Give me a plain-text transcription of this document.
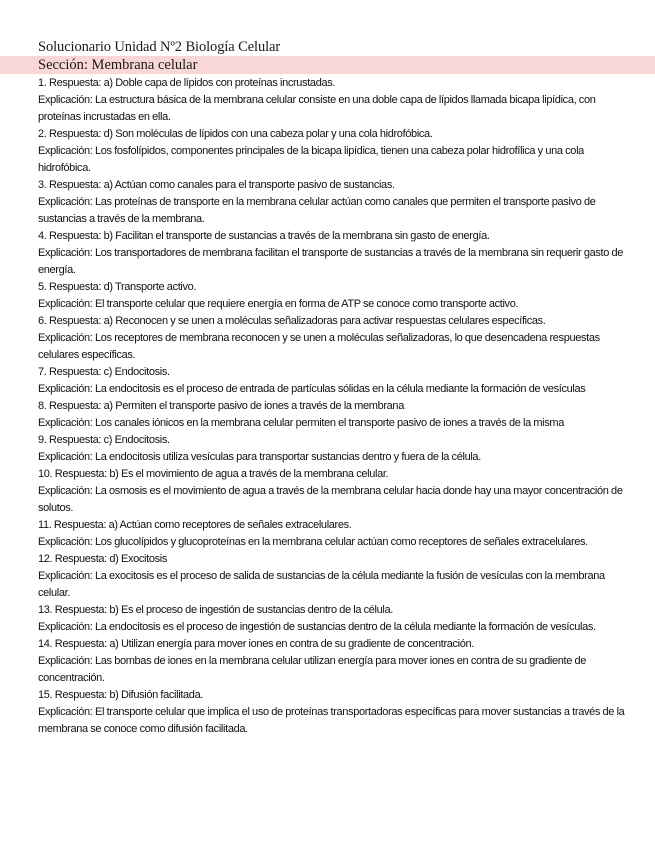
Solucionario Unidad Nº2 Biología Celular
Sección: Membrana celular
1. Respuesta: a) Doble capa de lípidos con proteínas incrustadas.
Explicación: La estructura básica de la membrana celular consiste en una doble capa de lípidos llamada bicapa lipídica, con proteínas incrustadas en ella.
2. Respuesta: d) Son moléculas de lípidos con una cabeza polar y una cola hidrofóbica.
Explicación: Los fosfolípidos, componentes principales de la bicapa lipídica, tienen una cabeza polar hidrofílica y una cola hidrofóbica.
3. Respuesta: a) Actúan como canales para el transporte pasivo de sustancias.
Explicación: Las proteínas de transporte en la membrana celular actúan como canales que permiten el transporte pasivo de sustancias a través de la membrana.
4. Respuesta: b) Facilitan el transporte de sustancias a través de la membrana sin gasto de energía.
Explicación: Los transportadores de membrana facilitan el transporte de sustancias a través de la membrana sin requerir gasto de energía.
5. Respuesta: d) Transporte activo.
Explicación: El transporte celular que requiere energía en forma de ATP se conoce como transporte activo.
6. Respuesta: a) Reconocen y se unen a moléculas señalizadoras para activar respuestas celulares específicas.
Explicación: Los receptores de membrana reconocen y se unen a moléculas señalizadoras, lo que desencadena respuestas celulares específicas.
7. Respuesta: c) Endocitosis.
Explicación: La endocitosis es el proceso de entrada de partículas sólidas en la célula mediante la formación de vesículas
8. Respuesta: a) Permiten el transporte pasivo de iones a través de la membrana
Explicación: Los canales iónicos en la membrana celular permiten el transporte pasivo de iones a través de la misma
9. Respuesta: c) Endocitosis.
Explicación: La endocitosis utiliza vesículas para transportar sustancias dentro y fuera de la célula.
10. Respuesta: b) Es el movimiento de agua a través de la membrana celular.
Explicación: La osmosis es el movimiento de agua a través de la membrana celular hacia donde hay una mayor concentración de solutos.
11. Respuesta: a) Actúan como receptores de señales extracelulares.
Explicación: Los glucolípidos y glucoproteínas en la membrana celular actúan como receptores de señales extracelulares.
12. Respuesta: d) Exocitosis
Explicación: La exocitosis es el proceso de salida de sustancias de la célula mediante la fusión de vesículas con la membrana celular.
13. Respuesta: b) Es el proceso de ingestión de sustancias dentro de la célula.
Explicación: La endocitosis es el proceso de ingestión de sustancias dentro de la célula mediante la formación de vesículas.
14. Respuesta: a) Utilizan energía para mover iones en contra de su gradiente de concentración.
Explicación: Las bombas de iones en la membrana celular utilizan energía para mover iones en contra de su gradiente de concentración.
15. Respuesta: b) Difusión facilitada.
Explicación: El transporte celular que implica el uso de proteínas transportadoras específicas para mover sustancias a través de la membrana se conoce como difusión facilitada.
